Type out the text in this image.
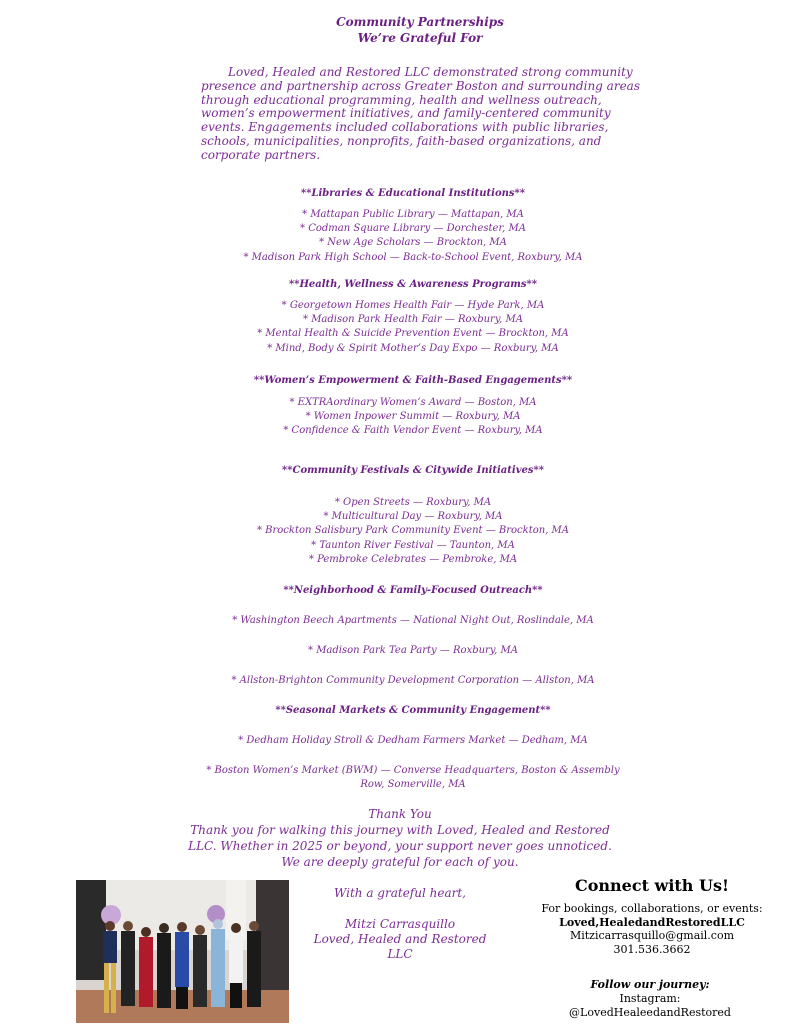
Community Partnerships
We’re Grateful For
Loved, Healed and Restored LLC demonstrated strong community presence and partnership across Greater Boston and surrounding areas through educational programming, health and wellness outreach, women’s empowerment initiatives, and family-centered community events. Engagements included collaborations with public libraries, schools, municipalities, nonprofits, faith-based organizations, and corporate partners.
**Libraries & Educational Institutions**
* Mattapan Public Library — Mattapan, MA
* Codman Square Library — Dorchester, MA
* New Age Scholars — Brockton, MA
* Madison Park High School — Back-to-School Event, Roxbury, MA
**Health, Wellness & Awareness Programs**
* Georgetown Homes Health Fair — Hyde Park, MA
* Madison Park Health Fair — Roxbury, MA
* Mental Health & Suicide Prevention Event — Brockton, MA
* Mind, Body & Spirit Mother’s Day Expo — Roxbury, MA
**Women’s Empowerment & Faith-Based Engagements**
* EXTRAordinary Women’s Award — Boston, MA
* Women Inpower Summit — Roxbury, MA
* Confidence & Faith Vendor Event — Roxbury, MA
**Community Festivals & Citywide Initiatives**
* Open Streets — Roxbury, MA
* Multicultural Day — Roxbury, MA
* Brockton Salisbury Park Community Event — Brockton, MA
* Taunton River Festival — Taunton, MA
* Pembroke Celebrates — Pembroke, MA
**Neighborhood & Family-Focused Outreach**
* Washington Beech Apartments — National Night Out, Roslindale, MA
* Madison Park Tea Party — Roxbury, MA
* Allston-Brighton Community Development Corporation — Allston, MA
**Seasonal Markets & Community Engagement**
* Dedham Holiday Stroll & Dedham Farmers Market — Dedham, MA
* Boston Women’s Market (BWM) — Converse Headquarters, Boston & Assembly
Row, Somerville, MA
Thank You
Thank you for walking this journey with Loved, Healed and Restored LLC. Whether in 2025 or beyond, your support never goes unnoticed. We are deeply grateful for each of you.
With a grateful heart,
Mitzi Carrasquillo
Loved, Healed and Restored LLC
Connect with Us!
For bookings, collaborations, or events:
Loved,HealedandRestoredLLC
Mitzicarrasquillo@gmail.com
301.536.3662
Follow our journey:
Instagram:
@LovedHealeedandRestored
